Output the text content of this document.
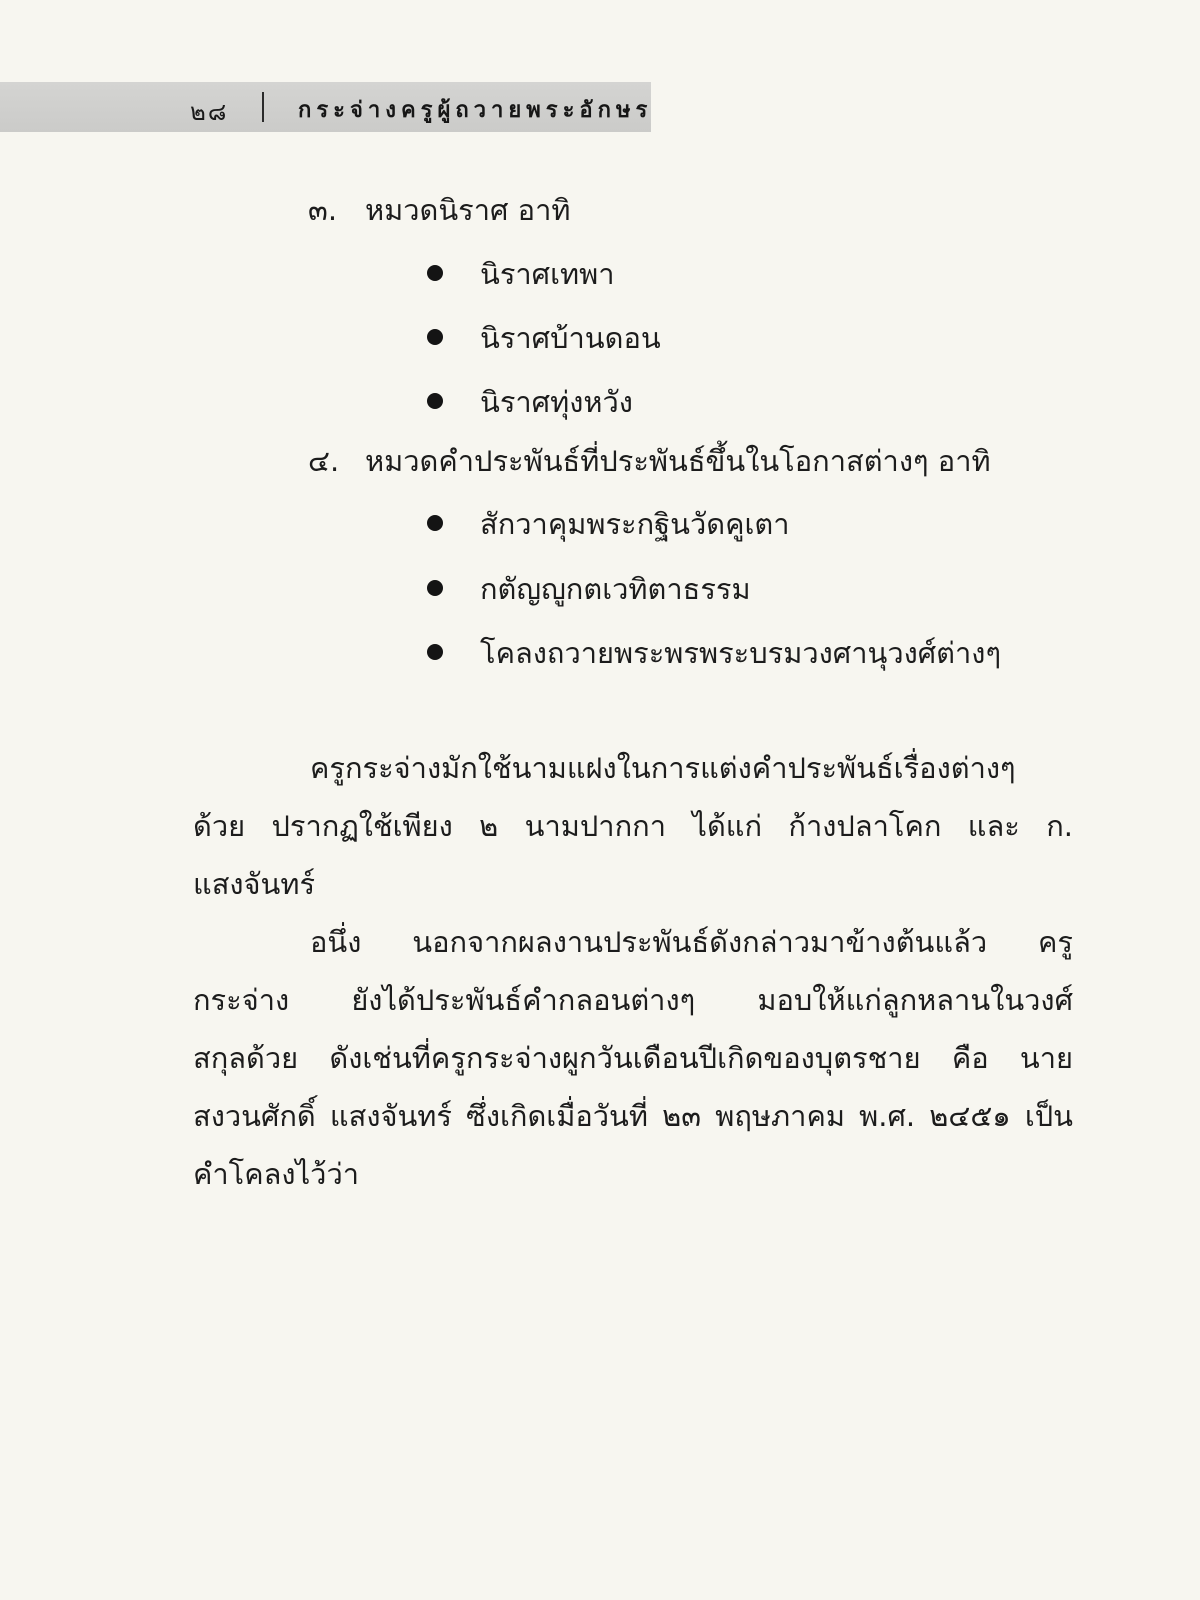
๒๘	กระจ่างครูผู้ถวายพระอักษร
๓. หมวดนิราศ อาทิ
นิราศเทพา
นิราศบ้านดอน
นิราศทุ่งหวัง
๔. หมวดคำประพันธ์ที่ประพันธ์ขึ้นในโอกาสต่างๆ อาทิ
สักวาคุมพระกฐินวัดคูเตา
กตัญญูกตเวทิตาธรรม
โคลงถวายพระพรพระบรมวงศานุวงศ์ต่างๆ
ครูกระจ่างมักใช้นามแฝงในการแต่งคำประพันธ์เรื่องต่างๆ
ด้วย ปรากฏใช้เพียง ๒ นามปากกา ได้แก่ ก้างปลาโคก และ ก.
แสงจันทร์
อนึ่ง นอกจากผลงานประพันธ์ดังกล่าวมาข้างต้นแล้ว ครู
กระจ่าง ยังได้ประพันธ์คำกลอนต่างๆ มอบให้แก่ลูกหลานในวงศ์
สกุลด้วย ดังเช่นที่ครูกระจ่างผูกวันเดือนปีเกิดของบุตรชาย คือ นาย
สงวนศักดิ์ แสงจันทร์ ซึ่งเกิดเมื่อวันที่ ๒๓ พฤษภาคม พ.ศ. ๒๔๕๑ เป็น
คำโคลงไว้ว่า
